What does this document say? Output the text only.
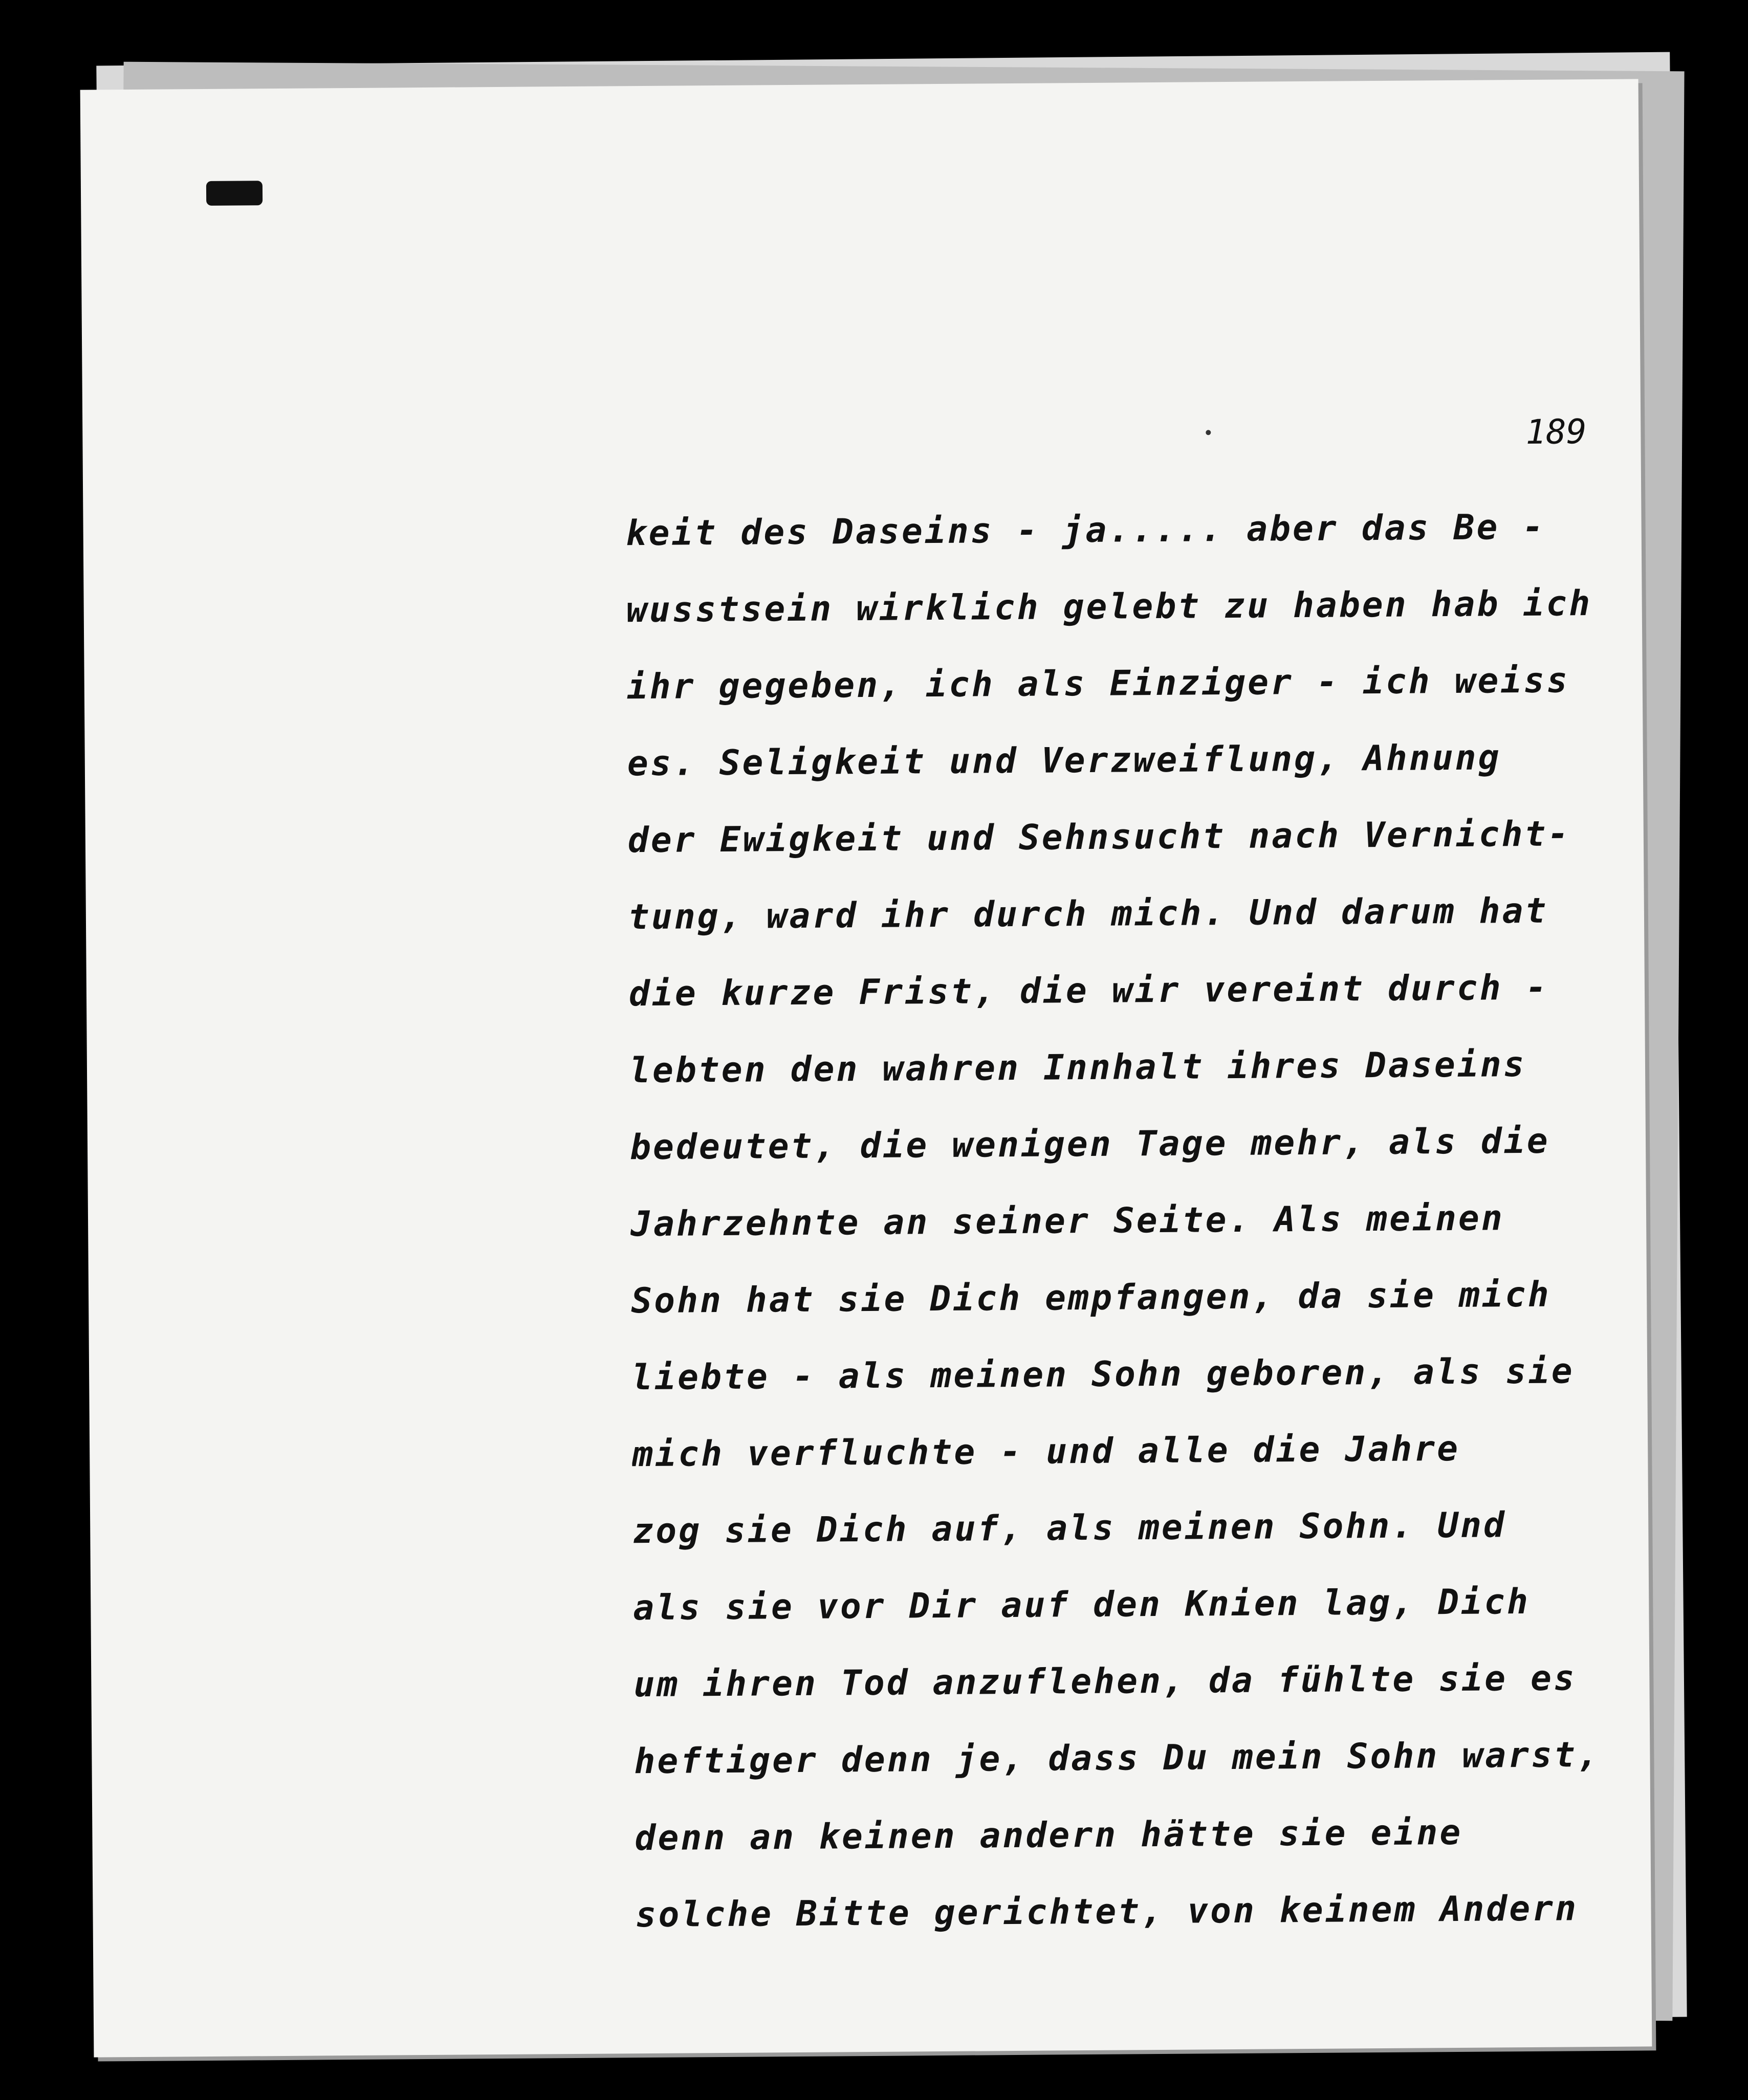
189
keit des Daseins - ja..... aber das Be -
wusstsein wirklich gelebt zu haben hab ich
ihr gegeben, ich als Einziger - ich weiss
es. Seligkeit und Verzweiflung, Ahnung
der Ewigkeit und Sehnsucht nach Vernicht-
tung, ward ihr durch mich. Und darum hat
die kurze Frist, die wir vereint durch -
lebten den wahren Innhalt ihres Daseins
bedeutet, die wenigen Tage mehr, als die
Jahrzehnte an seiner Seite. Als meinen
Sohn hat sie Dich empfangen, da sie mich
liebte - als meinen Sohn geboren, als sie
mich verfluchte - und alle die Jahre
zog sie Dich auf, als meinen Sohn. Und
als sie vor Dir auf den Knien lag, Dich
um ihren Tod anzuflehen, da fühlte sie es
heftiger denn je, dass Du mein Sohn warst,
denn an keinen andern hätte sie eine
solche Bitte gerichtet, von keinem Andern
